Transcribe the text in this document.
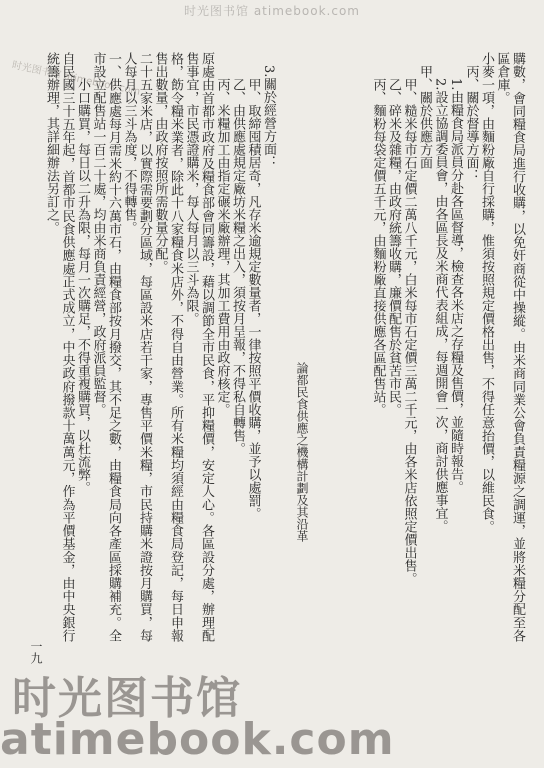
时光图书馆 atimebook.com
时光图书馆 atimebook.com	購數，會同糧食局進行收購，以免奸商從中操縱。由米商同業公會負責糧源之調運，並將米糧分配至各區倉庫。

小麥一項，由麵粉廠自行採購，惟須按照規定價格出售，不得任意抬價，以維民食。

丙、關於督導方面：

1.由糧食局派員分赴各區督導，檢查各米店之存糧及售價，並隨時報告。

2.設立協調委員會，由各區長及米商代表組成，每週開會一次，商討供應事宜。

甲、關於供應方面

甲、糙米每市石定價二萬八千元，白米每市石定價三萬二千元，由各米店依照定價出售。

乙、碎米及雜糧，由政府統籌收購，廉價配售於貧苦市民。

丙、麵粉每袋定價五千元，由麵粉廠直接供應各區配售站。

3.關於經營方面：

甲、取締囤積居奇，凡存米逾規定數量者，一律按照平價收購，並予以處罰。

乙、由供應處規定廠坊米糧之出入，須按月呈報，不得私自轉售。

丙、米糧加工由指定碾米廠辦理，其加工費用由政府核定。

原處由首都市政府及糧食部會同籌設，藉以調節全市民食，平抑糧價，安定人心。各區設分處，辦理配售事宜，市民憑證購米，每人每月以三斗為限。

格，飭令糧米業者，除此十八家糧食米店外，不得自由營業。所有米糧均須經由糧食局登記，每日申報售出數量，由政府按照所需數量分配。

二十五家米店，以實際需要劃分區域，每區設米店若干家，專售平價米糧，市民持購米證按月購買，每人每月以三斗為度，不得轉售。

一、供應處每月需米約十六萬市石，由糧食部按月撥交，其不足之數，由糧食局向各產區採購補充。全市設立配售站一百二十處，均由米商負責經營，政府派員監督。

小口購買，每日以二升為限，每月一次購足，不得重複購買，以杜流弊。

自民國三十五年起，首都市民食供應處正式成立，中央政府撥款十萬萬元，作為平價基金，由中央銀行統籌辦理，其詳細辦法另訂之。

論都民食供應之機構計劃及其沿革
一九
时光图书馆
atimebook.com
